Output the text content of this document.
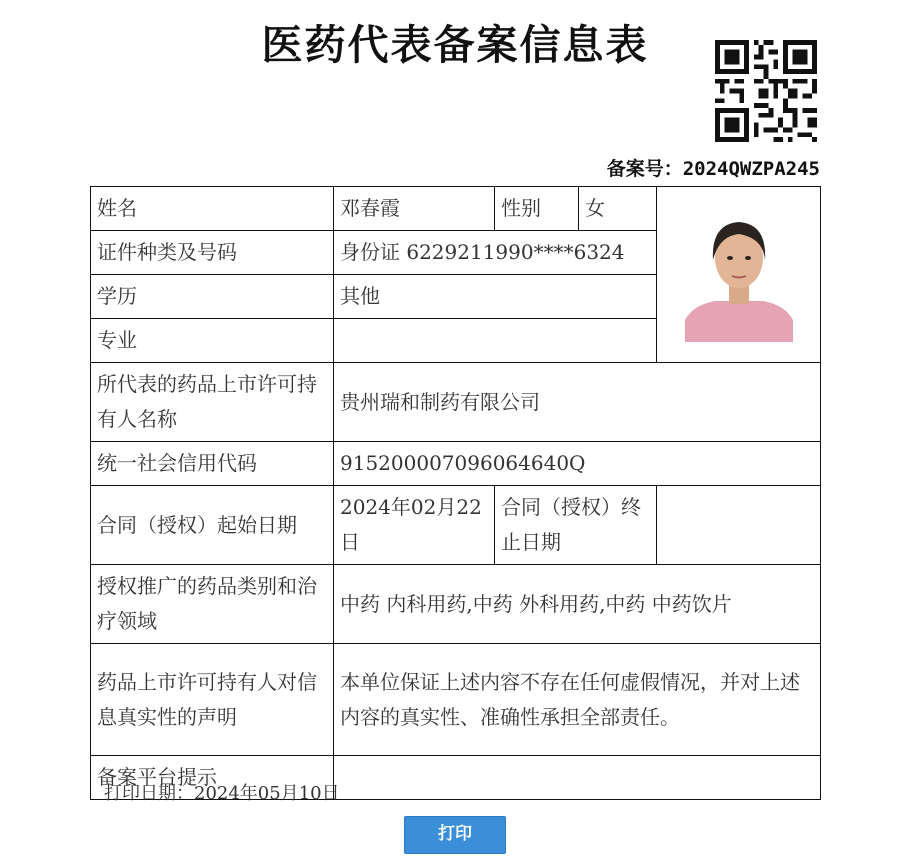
医药代表备案信息表
备案号：2024QWZPA245
姓名	邓春霞	性别	女	
证件种类及号码	身份证 6229211990****6324			
学历	其他			
专业				
所代表的药品上市许可持有人名称	贵州瑞和制药有限公司			
统一社会信用代码	915200007096064640Q			
合同（授权）起始日期	2024年02月22日	合同（授权）终止日期		
授权推广的药品类别和治疗领域	中药 内科用药,中药 外科用药,中药 中药饮片			
药品上市许可持有人对信息真实性的声明	本单位保证上述内容不存在任何虚假情况，并对上述内容的真实性、准确性承担全部责任。			
备案平台提示				
打印日期：2024年05月10日
打印
